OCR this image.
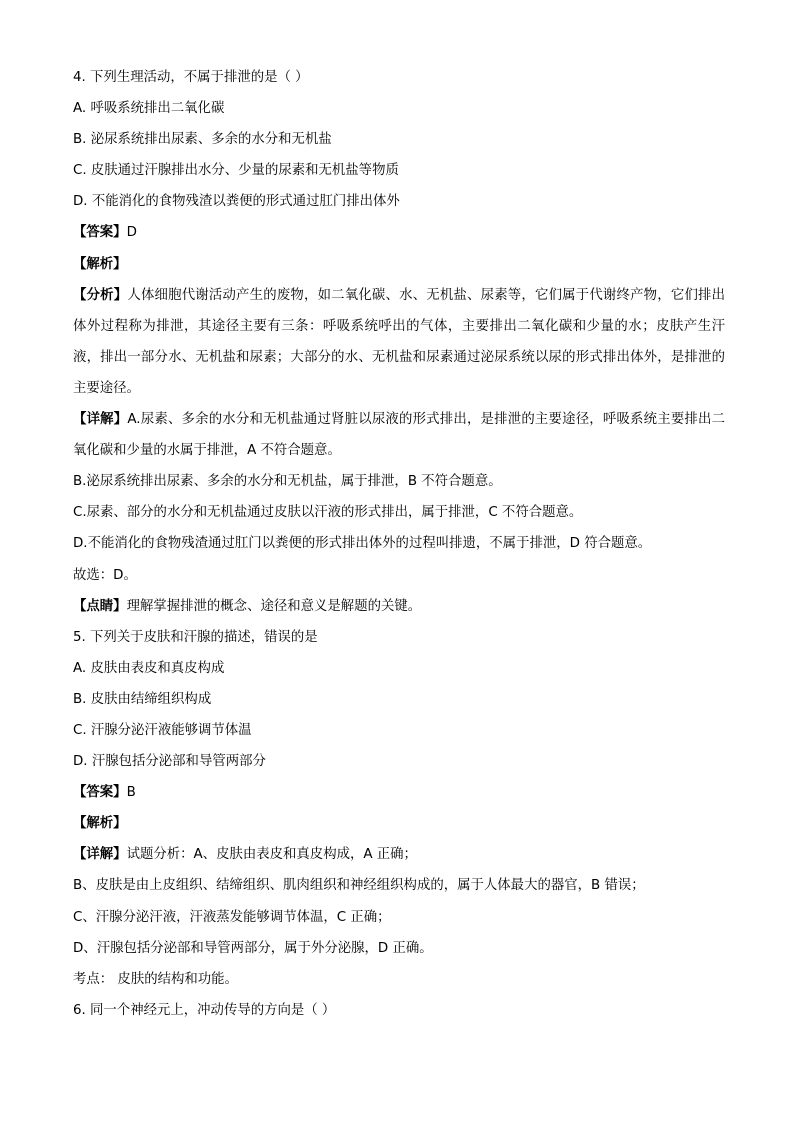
4. 下列生理活动，不属于排泄的是（ ）
A. 呼吸系统排出二氧化碳
B. 泌尿系统排出尿素、多余的水分和无机盐
C. 皮肤通过汗腺排出水分、少量的尿素和无机盐等物质
D. 不能消化的食物残渣以粪便的形式通过肛门排出体外
【答案】D
【解析】
【分析】人体细胞代谢活动产生的废物，如二氧化碳、水、无机盐、尿素等，它们属于代谢终产物，它们排出体外过程称为排泄，其途径主要有三条：呼吸系统呼出的气体，主要排出二氧化碳和少量的水；皮肤产生汗液，排出一部分水、无机盐和尿素；大部分的水、无机盐和尿素通过泌尿系统以尿的形式排出体外，是排泄的主要途径。
【详解】A.尿素、多余的水分和无机盐通过肾脏以尿液的形式排出，是排泄的主要途径，呼吸系统主要排出二氧化碳和少量的水属于排泄，A 不符合题意。
B.泌尿系统排出尿素、多余的水分和无机盐，属于排泄，B 不符合题意。
C.尿素、部分的水分和无机盐通过皮肤以汗液的形式排出，属于排泄，C 不符合题意。
D.不能消化的食物残渣通过肛门以粪便的形式排出体外的过程叫排遗，不属于排泄，D 符合题意。
故选：D。
【点睛】理解掌握排泄的概念、途径和意义是解题的关键。
5. 下列关于皮肤和汗腺的描述，错误的是
A. 皮肤由表皮和真皮构成
B. 皮肤由结缔组织构成
C. 汗腺分泌汗液能够调节体温
D. 汗腺包括分泌部和导管两部分
【答案】B
【解析】
【详解】试题分析：A、皮肤由表皮和真皮构成，A 正确；
B、皮肤是由上皮组织、结缔组织、肌肉组织和神经组织构成的，属于人体最大的器官，B 错误；
C、汗腺分泌汗液，汗液蒸发能够调节体温，C 正确；
D、汗腺包括分泌部和导管两部分，属于外分泌腺，D 正确。
考点： 皮肤的结构和功能。
6. 同一个神经元上，冲动传导的方向是（ ）
